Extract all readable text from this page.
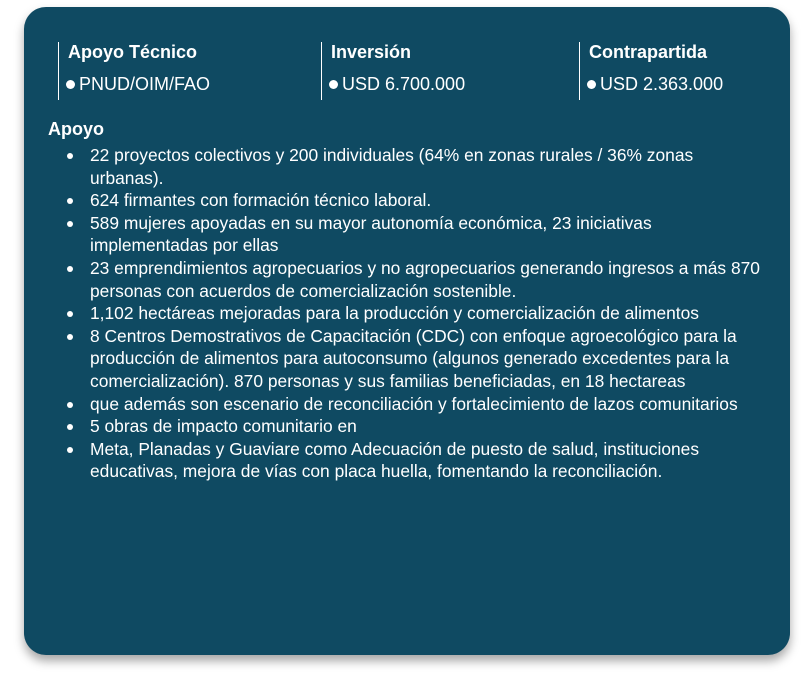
Apoyo Técnico
PNUD/OIM/FAO
Inversión
USD 6.700.000
Contrapartida
USD 2.363.000
Apoyo
22 proyectos colectivos y 200 individuales (64% en zonas rurales / 36% zonas urbanas).
624 firmantes con formación técnico laboral.
589 mujeres apoyadas en su mayor autonomía económica, 23 iniciativas implementadas por ellas
23 emprendimientos agropecuarios y no agropecuarios generando ingresos a más 870 personas con acuerdos de comercialización sostenible.
1,102 hectáreas mejoradas para la producción y comercialización de alimentos
8 Centros Demostrativos de Capacitación (CDC) con enfoque agroecológico para la producción de alimentos para autoconsumo (algunos generado excedentes para la comercialización). 870 personas y sus familias beneficiadas, en 18 hectareas
que además son escenario de reconciliación y fortalecimiento de lazos comunitarios
5 obras de impacto comunitario en
Meta, Planadas y Guaviare como Adecuación de puesto de salud, instituciones educativas, mejora de vías con placa huella, fomentando la reconciliación.
